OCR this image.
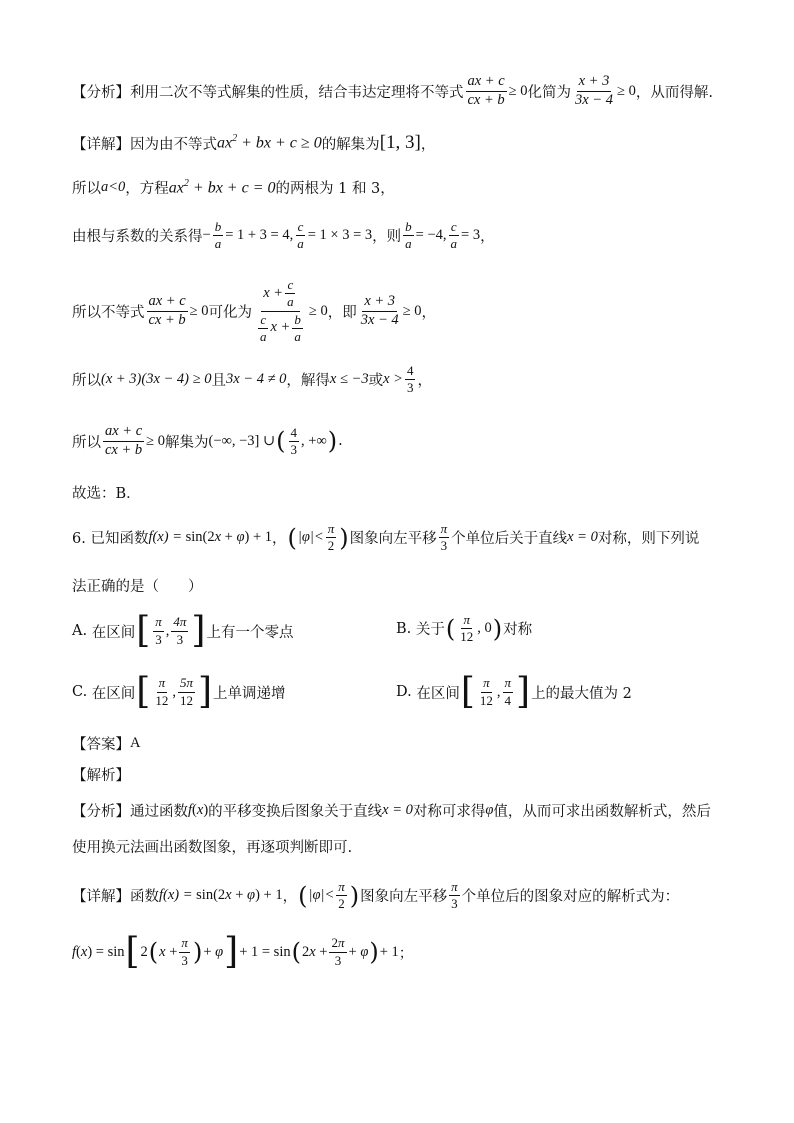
【分析】 利用二次不等式解集的性质，结合韦达定理将不等式 $\frac{ax + c}{cx + b} \ge 0$ 化简为 $\frac{x + 3}{3x - 4} \ge 0$ ，从而得解.
【详解】 因为由不等式 $ax^2$ + bx + c ≥ 0 的解集为 [1, 3] ，
所以 a<0 ，方程 $ax^2$ + bx + c = 0 的两根为 1 和 3，
由根与系数的关系得 − $\frac{b}{a} = 1 + 3 = 4$, $\frac{c}{a} = 1 \times 3 = 3$ ，则 $\frac{b}{a} = -4$, $\frac{c}{a} = 3$ ，
所以不等式 $\frac{ax + c}{cx + b} \ge 0$ 可化为 $\frac{x + \frac{c}{a}}{\frac{c}{a} x + \frac{b}{a}} \ge 0$ ，即 $\frac{x + 3}{3x - 4} \ge 0$ ，
所以 (x + 3)(3x − 4) ≥ 0 且 3x − 4 ≠ 0 ，解得 x ≤ −3 或 $x > \frac{4}{3}$ ，
所以 $\frac{ax + c}{cx + b} \ge 0$ 解集为 (−∞, −3] ∪ ( $\frac{4}{3}$ , +∞ ) .
故选：B．
6. 已知函数 f(x) = sin(2 x + φ ) + 1 ， ( $|\varphi|< \frac{\pi}{2}$ ) 图象向左平移 $\frac{\pi}{3}$ 个单位后关于直线 x = 0 对称，则下列说
法正确的是（　　）
A.
在区间 [ $\frac{\pi}{3}$ , $\frac{4\pi}{3}$ ] 上有一个零点	B.
关于 ( $\frac{\pi}{12}$ , 0 ) 对称
C.
在区间 [ $\frac{\pi}{12}$ , $\frac{5\pi}{12}$ ] 上单调递增	D.
在区间 [ $\frac{\pi}{12}$ , $\frac{\pi}{4}$ ] 上的最大值为 2
【答案】 A
【解析】
【分析】 通过函数 f ( x ) 的平移变换后图象关于直线 x = 0 对称可求得 φ 值，从而可求出函数解析式，然后
使用换元法画出函数图象，再逐项判断即可.
【详解】 函数 f(x) = sin(2 x + φ ) + 1 ， ( $|\varphi|< \frac{\pi}{2}$ ) 图象向左平移 $\frac{\pi}{3}$ 个单位后的图象对应的解析式为：
f ( x ) = sin [ 2 ( $x + \frac{\pi}{3}$ ) + φ ] + 1 = sin ( 2 $x + \frac{2\pi}{3} + \varphi$ ) + 1 ；
